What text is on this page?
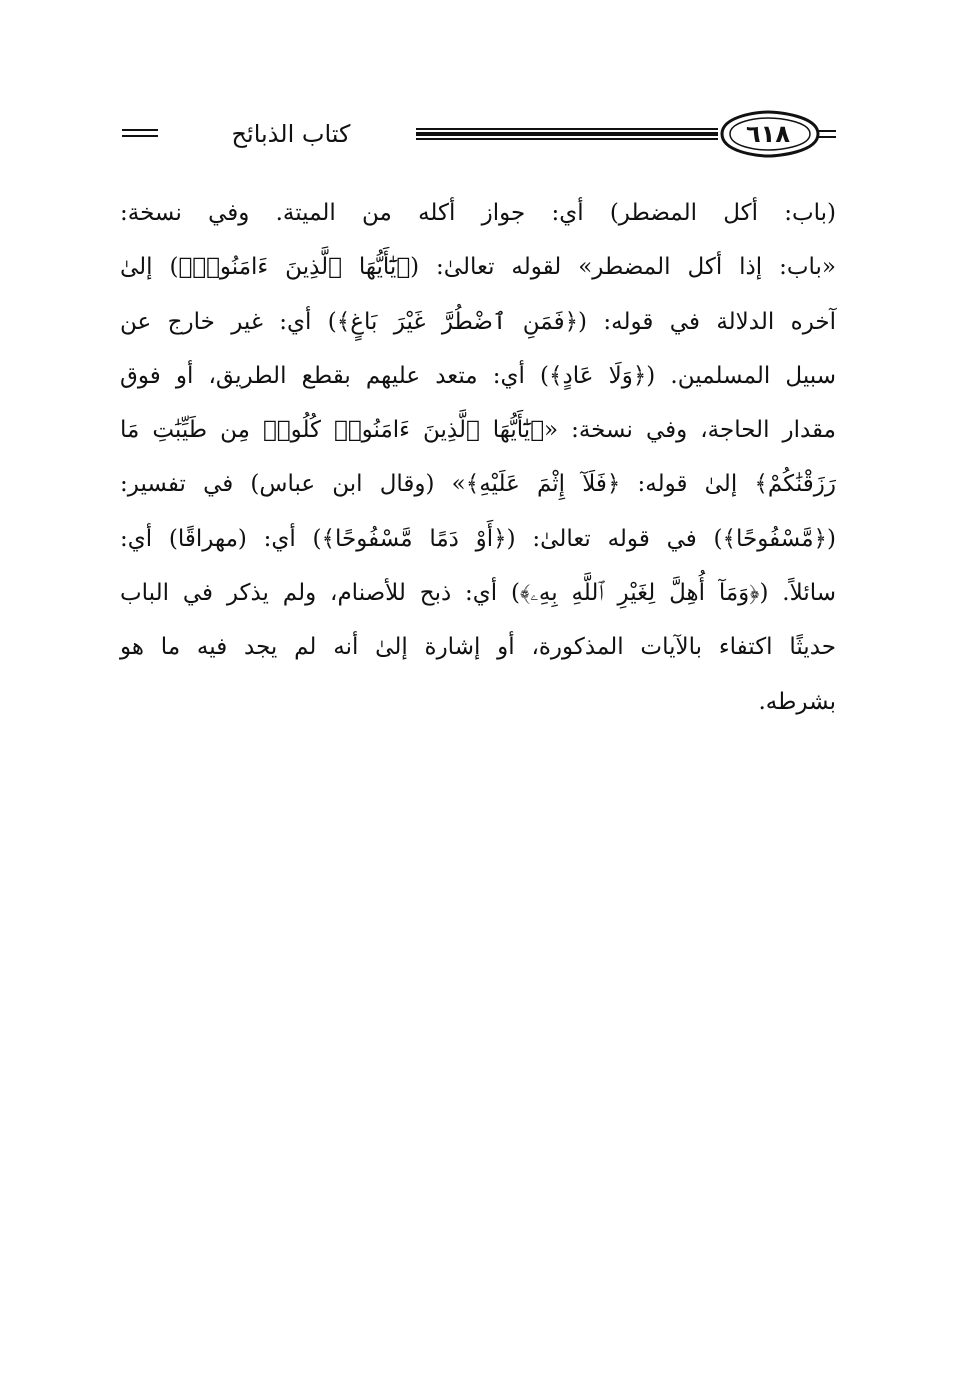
كتاب الذبائح	٦١٨
(باب: أكل المضطر) أي: جواز أكله من الميتة. وفي نسخة:
«باب: إذا أكل المضطر» لقوله تعالىٰ: (﴿يَٰٓأَيُّهَا ٱلَّذِينَ ءَامَنُوا۟﴾) إلىٰ
آخره الدلالة في قوله: (﴿فَمَنِ ٱضْطُرَّ غَيْرَ بَاغٍ﴾) أي: غير خارج عن
سبيل المسلمين. (﴿وَلَا عَادٍ﴾) أي: متعد عليهم بقطع الطريق، أو فوق
مقدار الحاجة، وفي نسخة: «﴿يَٰٓأَيُّهَا ٱلَّذِينَ ءَامَنُوا۟ كُلُوا۟ مِن طَيِّبَٰتِ مَا
رَزَقْنَٰكُمْ﴾ إلىٰ قوله: ﴿فَلَآ إِثْمَ عَلَيْهِ﴾» (وقال ابن عباس) في تفسير:
(﴿مَّسْفُوحًا﴾) في قوله تعالىٰ: (﴿أَوْ دَمًا مَّسْفُوحًا﴾) أي: (مهراقًا) أي:
سائلاً. (﴿وَمَآ أُهِلَّ لِغَيْرِ ٱللَّهِ بِهِۦ﴾) أي: ذبح للأصنام، ولم يذكر في الباب
حديثًا اكتفاء بالآيات المذكورة، أو إشارة إلىٰ أنه لم يجد فيه ما هو
بشرطه.
